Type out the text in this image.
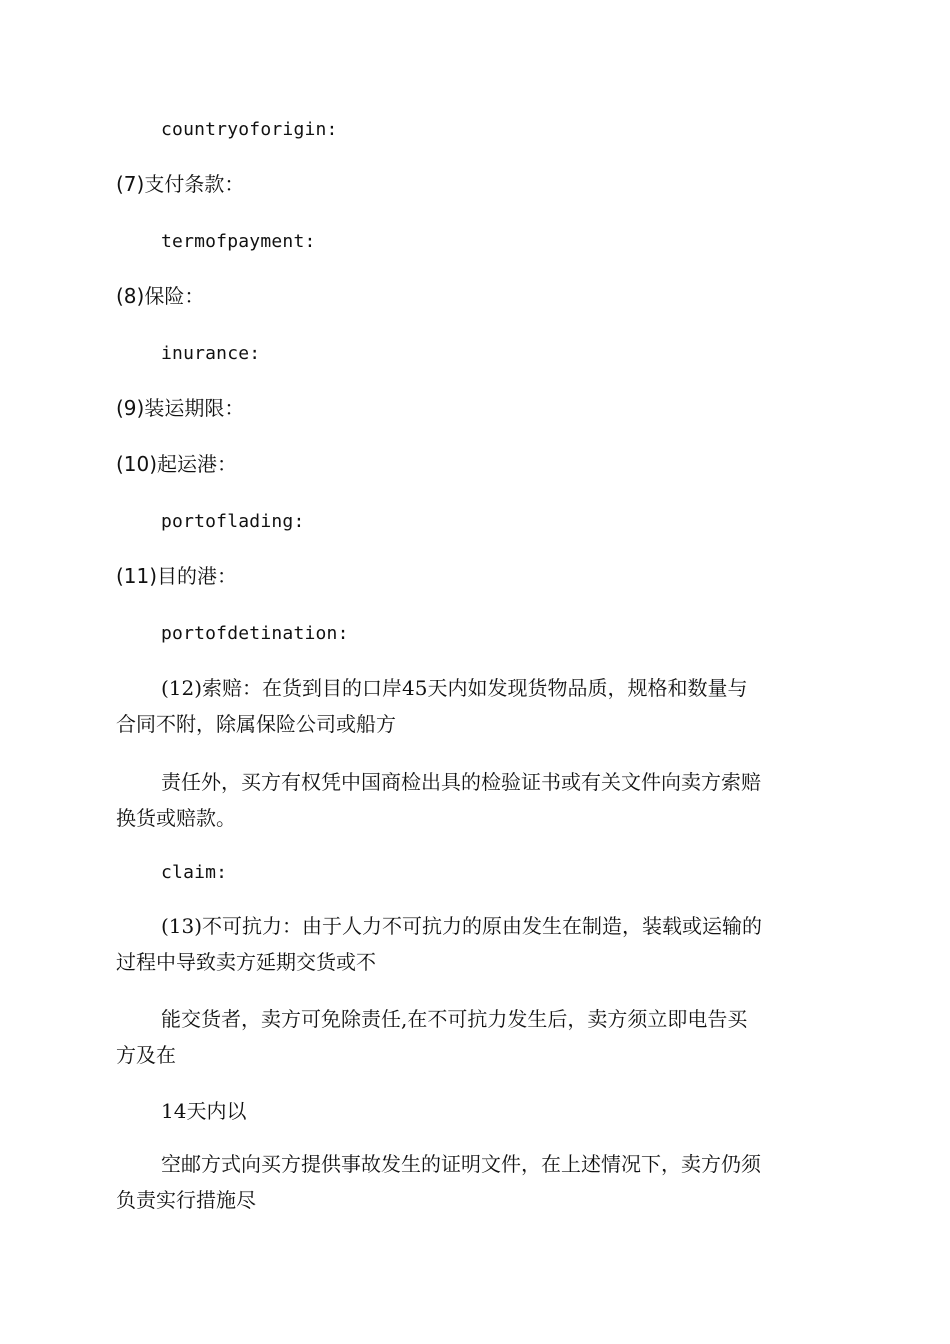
countryoforigin:
(7)支付条款：
termofpayment:
(8)保险：
inurance:
(9)装运期限：
(10)起运港：
portoflading:
(11)目的港：
portofdetination:
(12)索赔：在货到目的口岸45天内如发现货物品质，规格和数量与
合同不附，除属保险公司或船方
责任外，买方有权凭中国商检出具的检验证书或有关文件向卖方索赔
换货或赔款。
claim:
(13)不可抗力：由于人力不可抗力的原由发生在制造，装载或运输的
过程中导致卖方延期交货或不
能交货者，卖方可免除责任,在不可抗力发生后，卖方须立即电告买
方及在
14天内以
空邮方式向买方提供事故发生的证明文件，在上述情况下，卖方仍须
负责实行措施尽
